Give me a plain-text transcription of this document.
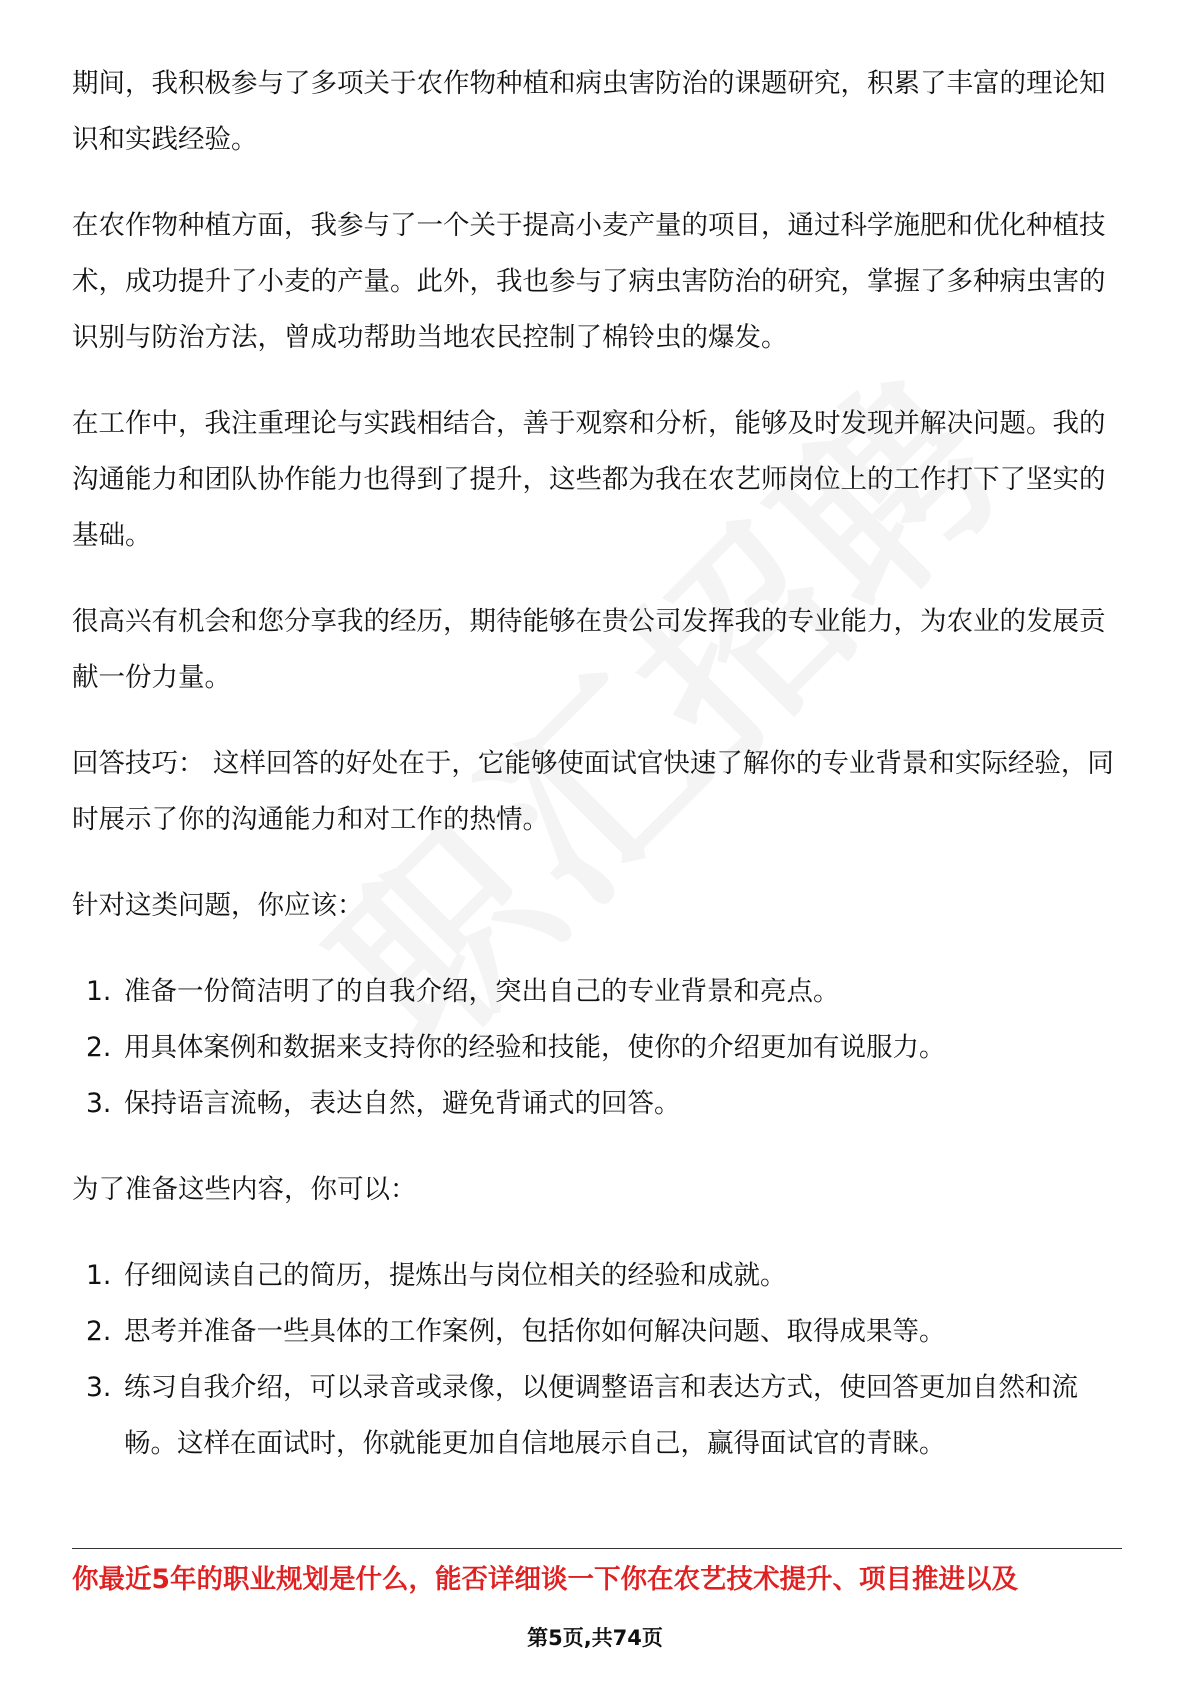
期间，我积极参与了多项关于农作物种植和病虫害防治的课题研究，积累了丰富的理论知识和实践经验。

在农作物种植方面，我参与了一个关于提高小麦产量的项目，通过科学施肥和优化种植技术，成功提升了小麦的产量。此外，我也参与了病虫害防治的研究，掌握了多种病虫害的识别与防治方法，曾成功帮助当地农民控制了棉铃虫的爆发。

在工作中，我注重理论与实践相结合，善于观察和分析，能够及时发现并解决问题。我的沟通能力和团队协作能力也得到了提升，这些都为我在农艺师岗位上的工作打下了坚实的基础。

很高兴有机会和您分享我的经历，期待能够在贵公司发挥我的专业能力，为农业的发展贡献一份力量。

回答技巧： 这样回答的好处在于，它能够使面试官快速了解你的专业背景和实际经验，同时展示了你的沟通能力和对工作的热情。

针对这类问题，你应该：

1. 准备一份简洁明了的自我介绍，突出自己的专业背景和亮点。
2. 用具体案例和数据来支持你的经验和技能，使你的介绍更加有说服力。
3. 保持语言流畅，表达自然，避免背诵式的回答。

为了准备这些内容，你可以：

1. 仔细阅读自己的简历，提炼出与岗位相关的经验和成就。
2. 思考并准备一些具体的工作案例，包括你如何解决问题、取得成果等。
3. 练习自我介绍，可以录音或录像，以便调整语言和表达方式，使回答更加自然和流畅。这样在面试时，你就能更加自信地展示自己，赢得面试官的青睐。
你最近5年的职业规划是什么，能否详细谈一下你在农艺技术提升、项目推进以及
第5页,共74页
